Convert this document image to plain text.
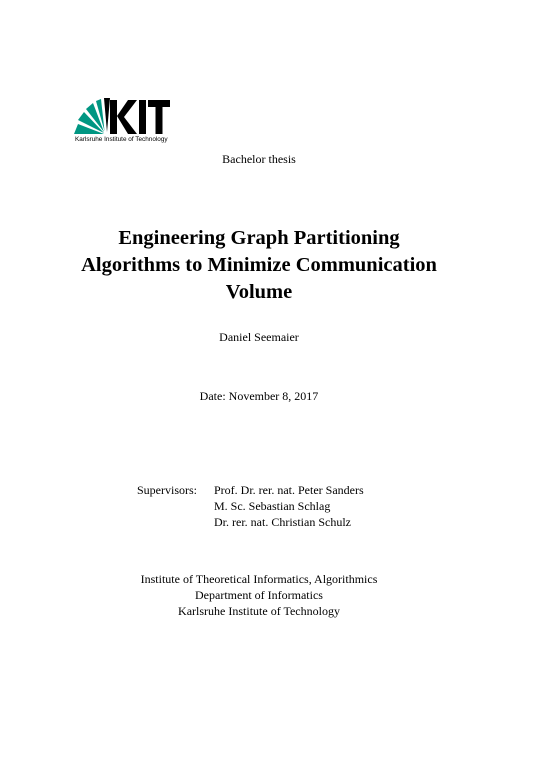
Karlsruhe Institute of Technology
Bachelor thesis
Engineering Graph Partitioning
Algorithms to Minimize Communication
Volume
Daniel Seemaier
Date: November 8, 2017
Supervisors: Prof. Dr. rer. nat. Peter Sanders
M. Sc. Sebastian Schlag
Dr. rer. nat. Christian Schulz
Institute of Theoretical Informatics, Algorithmics
Department of Informatics
Karlsruhe Institute of Technology
